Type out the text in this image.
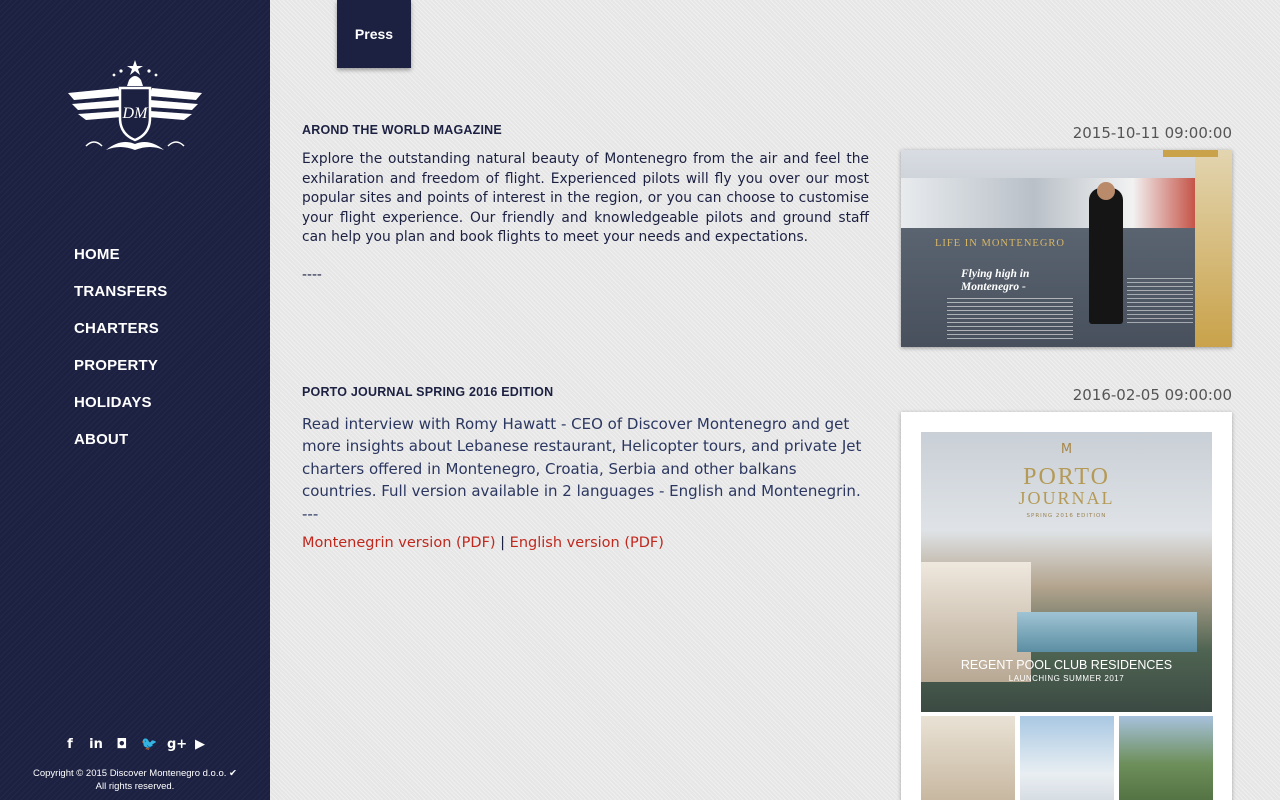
DM
HOME
TRANSFERS
CHARTERS
PROPERTY
HOLIDAYS
ABOUT
f	in ◘ 🐦 g+ ▶
Copyright © 2015 Discover Montenegro d.o.o. ✔
All rights reserved.
Press
AROND THE WORLD MAGAZINE	2015-10-11 09:00:00

Explore the outstanding natural beauty of Montenegro from the air and feel the exhilaration and freedom of flight. Experienced pilots will fly you over our most popular sites and points of interest in the region, or you can choose to customise your flight experience. Our friendly and knowledgeable pilots and ground staff can help you plan and book flights to meet your needs and expectations.

----
LIFE IN MONTENEGRO
Flying high in Montenegro -
PORTO JOURNAL SPRING 2016 EDITION	2016-02-05 09:00:00

Read interview with Romy Hawatt - CEO of Discover Montenegro and get more insights about Lebanese restaurant, Helicopter tours, and private Jet charters offered in Montenegro, Croatia, Serbia and other balkans countries. Full version available in 2 languages - English and Montenegrin.

---
Montenegrin version (PDF) | English version (PDF)
M
PORTO
JOURNAL
SPRING 2016 EDITION
REGENT POOL CLUB RESIDENCES
LAUNCHING SUMMER 2017
